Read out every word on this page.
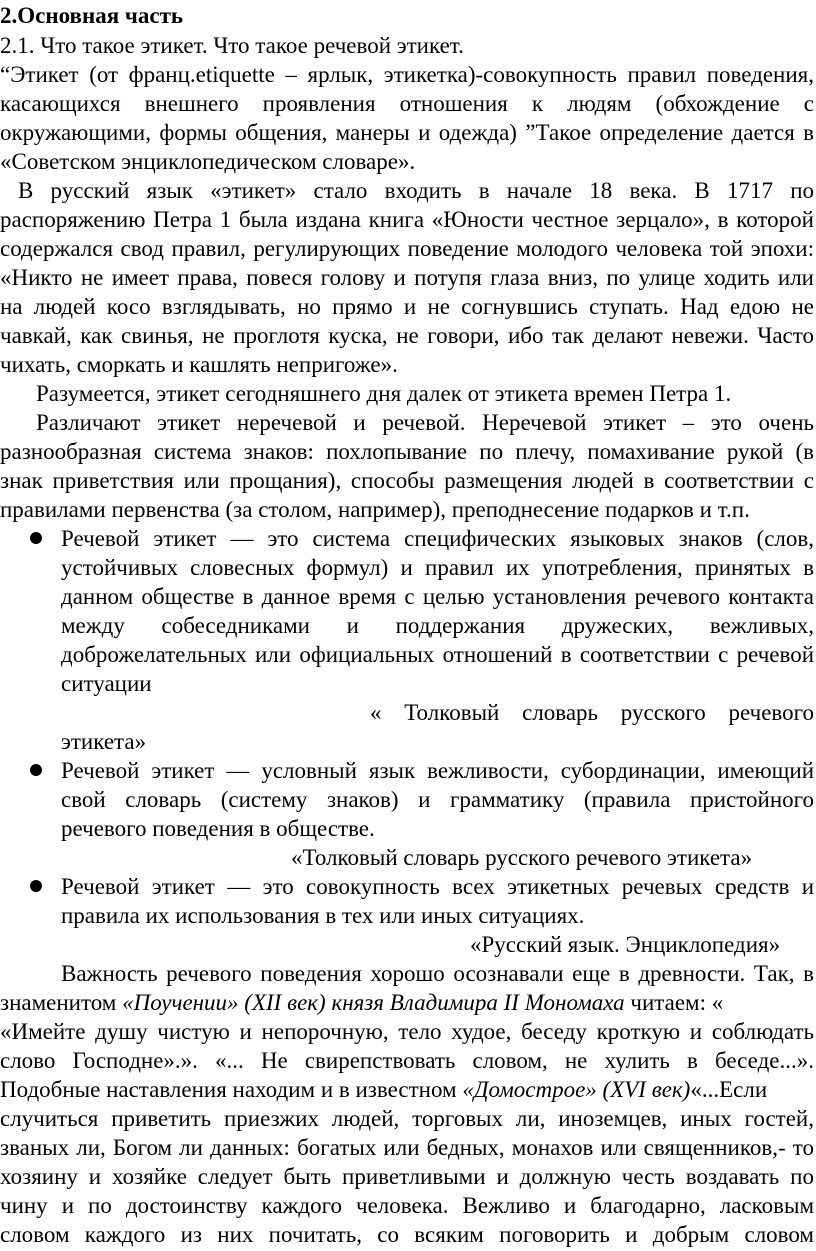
2.Основная часть
2.1. Что такое этикет. Что такое речевой этикет.
“Этикет (от франц.etiquette – ярлык, этикетка)-совокупность правил поведения,
касающихся внешнего проявления отношения к людям (обхождение с
окружающими, формы общения, манеры и одежда) ”Такое определение дается в
«Советском энциклопедическом словаре».
В русский язык «этикет» стало входить в начале 18 века. В 1717 по
распоряжению Петра 1 была издана книга «Юности честное зерцало», в которой
содержался свод правил, регулирующих поведение молодого человека той эпохи:
«Никто не имеет права, повеся голову и потупя глаза вниз, по улице ходить или
на людей косо взглядывать, но прямо и не согнувшись ступать. Над едою не
чавкай, как свинья, не проглотя куска, не говори, ибо так делают невежи. Часто
чихать, сморкать и кашлять непригоже».
Разумеется, этикет сегодняшнего дня далек от этикета времен Петра 1.
Различают этикет неречевой и речевой. Неречевой этикет – это очень
разнообразная система знаков: похлопывание по плечу, помахивание рукой (в
знак приветствия или прощания), способы размещения людей в соответствии с
правилами первенства (за столом, например), преподнесение подарков и т.п.
Речевой этикет — это система специфических языковых знаков (слов,
устойчивых словесных формул) и правил их употребления, принятых в
данном обществе в данное время с целью установления речевого контакта
между собеседниками и поддержания дружеских, вежливых,
доброжелательных или официальных отношений в соответствии с речевой
ситуации
« Толковый словарь русского речевого
этикета»
Речевой этикет — условный язык вежливости, субординации, имеющий
свой словарь (систему знаков) и грамматику (правила пристойного
речевого поведения в обществе.
«Толковый словарь русского речевого этикета»
Речевой этикет — это совокупность всех этикетных речевых средств и
правила их использования в тех или иных ситуациях.
«Русский язык. Энциклопедия»
Важность речевого поведения хорошо осознавали еще в древности. Так, в
знаменитом «Поучении» (XII век) князя Владимира II Мономаха читаем: «
«Имейте душу чистую и непорочную, тело худое, беседу кроткую и соблюдать
слово Господне».». «... Не свирепствовать словом, не хулить в беседе...».
Подобные наставления находим и в известном «Домострое» (XVI век)«...Если
случиться приветить приезжих людей, торговых ли, иноземцев, иных гостей,
званых ли, Богом ли данных: богатых или бедных, монахов или священников,- то
хозяину и хозяйке следует быть приветливыми и должную честь воздавать по
чину и по достоинству каждого человека. Вежливо и благодарно, ласковым
словом каждого из них почитать, со всяким поговорить и добрым словом
